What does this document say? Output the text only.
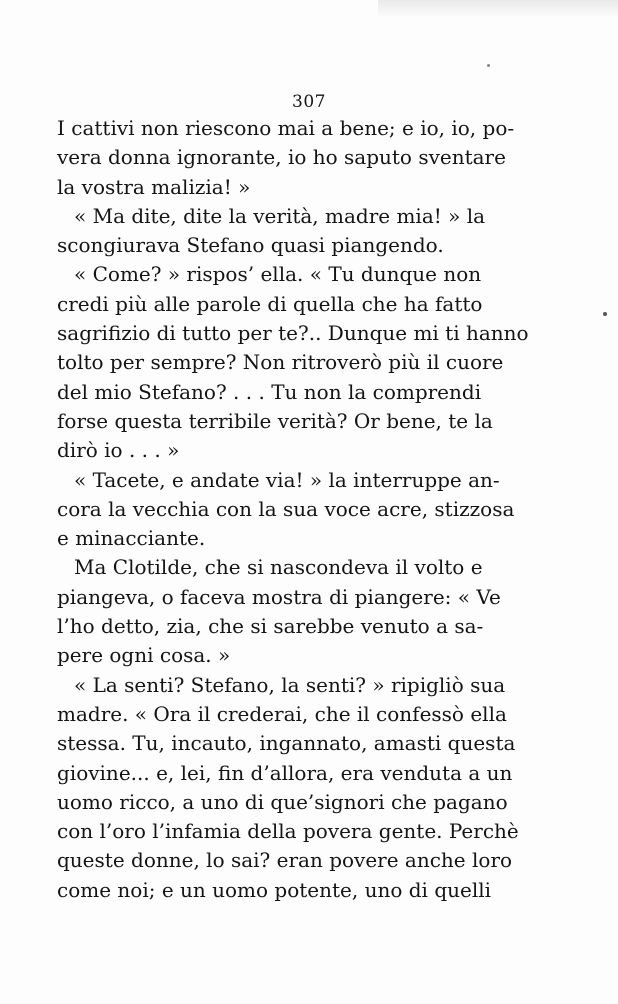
307
I cattivi non riescono mai a bene; e io, io, po-
vera donna ignorante, io ho saputo sventare
la vostra malizia! »
« Ma dite, dite la verità, madre mia! » la
scongiurava Stefano quasi piangendo.
« Come? » rispos’ ella. « Tu dunque non
credi più alle parole di quella che ha fatto
sagrifizio di tutto per te?.. Dunque mi ti hanno
tolto per sempre? Non ritroverò più il cuore
del mio Stefano? . . . Tu non la comprendi
forse questa terribile verità? Or bene, te la
dirò io . . . »
« Tacete, e andate via! » la interruppe an-
cora la vecchia con la sua voce acre, stizzosa
e minacciante.
Ma Clotilde, che si nascondeva il volto e
piangeva, o faceva mostra di piangere: « Ve
l’ho detto, zia, che si sarebbe venuto a sa-
pere ogni cosa. »
« La senti? Stefano, la senti? » ripigliò sua
madre. « Ora il crederai, che il confessò ella
stessa. Tu, incauto, ingannato, amasti questa
giovine... e, lei, fin d’allora, era venduta a un
uomo ricco, a uno di que’signori che pagano
con l’oro l’infamia della povera gente. Perchè
queste donne, lo sai? eran povere anche loro
come noi; e un uomo potente, uno di quelli
